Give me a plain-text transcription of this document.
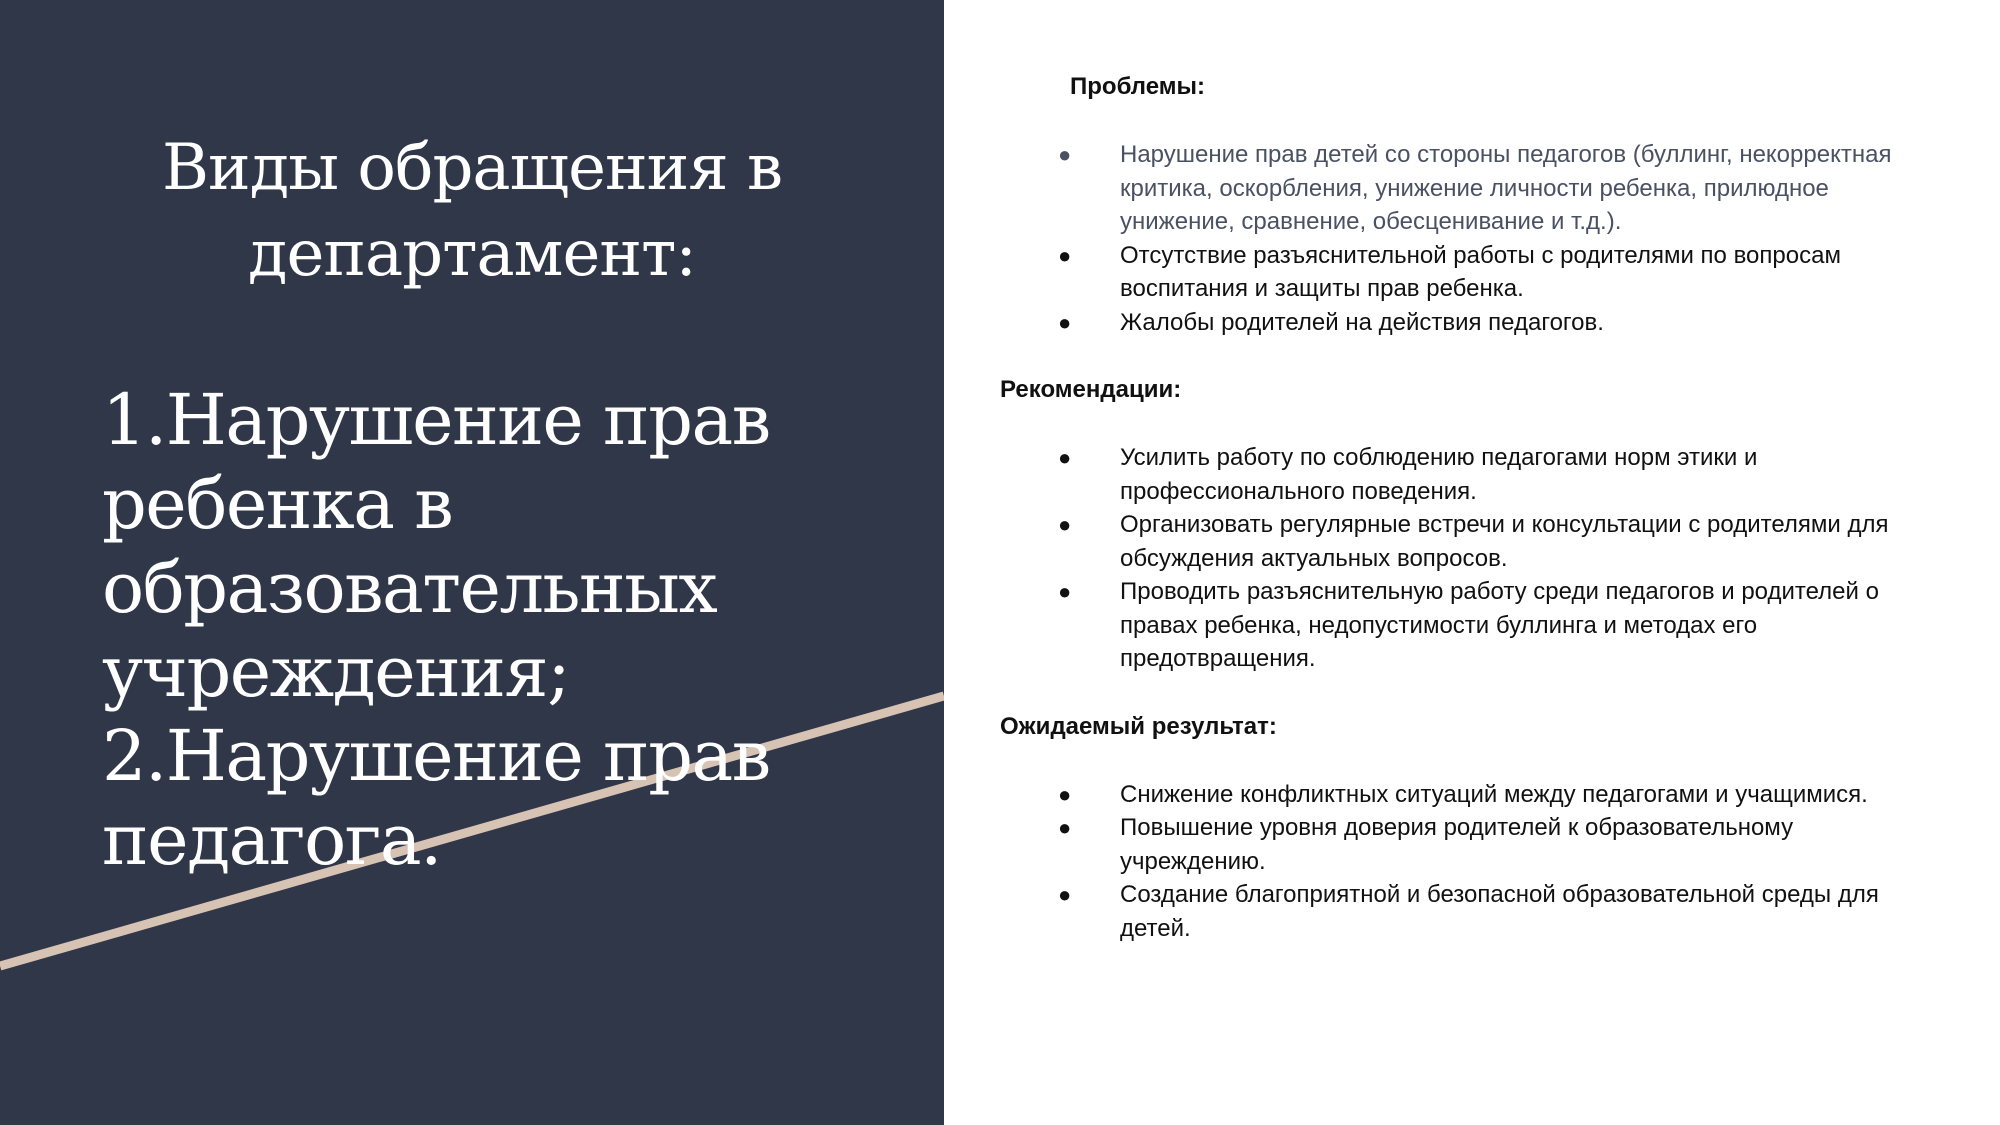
Виды обращения в департамент:
1.Нарушение прав ребенка в образовательных учреждения;
2.Нарушение прав педагога.

Проблемы:

● Нарушение прав детей со стороны педагогов (буллинг, некорректная критика, оскорбления, унижение личности ребенка, прилюдное унижение, сравнение, обесценивание и т.д.).
● Отсутствие разъяснительной работы с родителями по вопросам воспитания и защиты прав ребенка.
● Жалобы родителей на действия педагогов.

Рекомендации:

● Усилить работу по соблюдению педагогами норм этики и профессионального поведения.
● Организовать регулярные встречи и консультации с родителями для обсуждения актуальных вопросов.
● Проводить разъяснительную работу среди педагогов и родителей о правах ребенка, недопустимости буллинга и методах его предотвращения.

Ожидаемый результат:

● Снижение конфликтных ситуаций между педагогами и учащимися.
● Повышение уровня доверия родителей к образовательному учреждению.
● Создание благоприятной и безопасной образовательной среды для детей.
